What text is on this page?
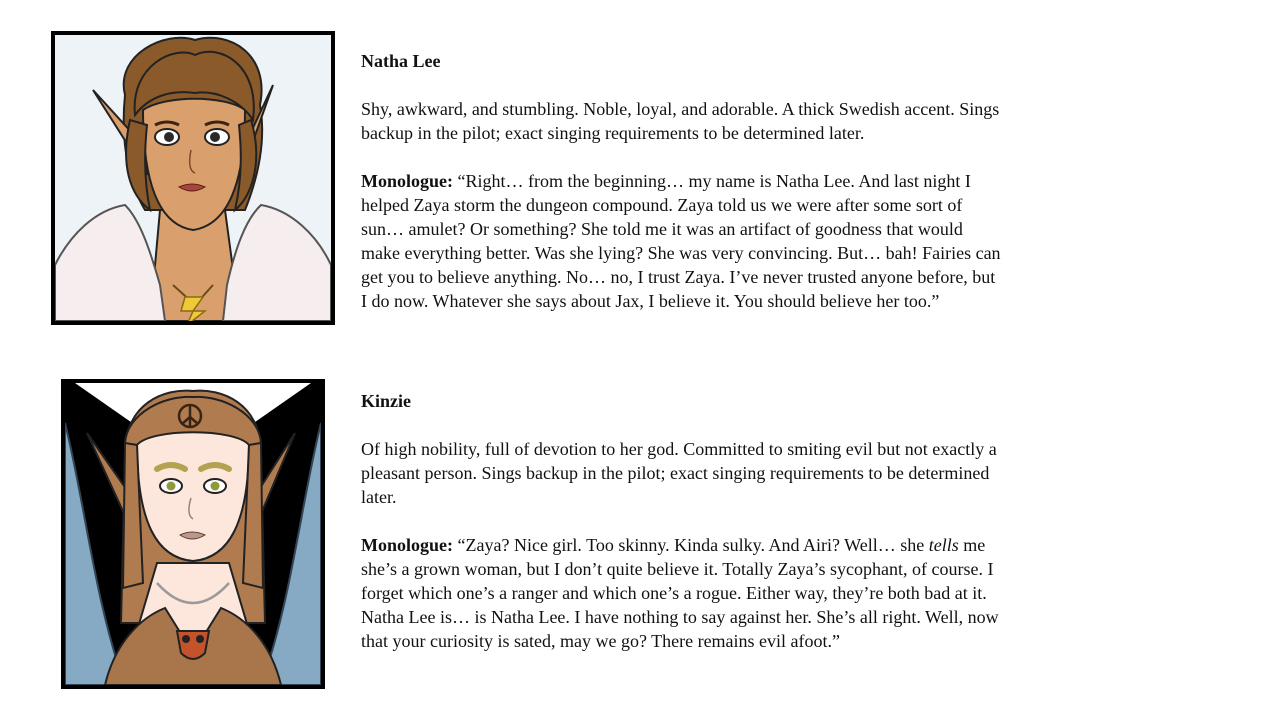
Natha Lee

Shy, awkward, and stumbling. Noble, loyal, and adorable. A thick Swedish accent. Sings backup in the pilot; exact singing requirements to be determined later.

Monologue: “Right… from the beginning… my name is Natha Lee. And last night I helped Zaya storm the dungeon compound. Zaya told us we were after some sort of sun… amulet? Or something? She told me it was an artifact of goodness that would make everything better. Was she lying? She was very convincing. But… bah! Fairies can get you to believe anything. No… no, I trust Zaya. I’ve never trusted anyone before, but I do now. Whatever she says about Jax, I believe it. You should believe her too.”

Kinzie

Of high nobility, full of devotion to her god. Committed to smiting evil but not exactly a pleasant person. Sings backup in the pilot; exact singing requirements to be determined later.

Monologue: “Zaya? Nice girl. Too skinny. Kinda sulky. And Airi? Well… she tells me she’s a grown woman, but I don’t quite believe it. Totally Zaya’s sycophant, of course. I forget which one’s a ranger and which one’s a rogue. Either way, they’re both bad at it. Natha Lee is… is Natha Lee. I have nothing to say against her. She’s all right. Well, now that your curiosity is sated, may we go? There remains evil afoot.”
